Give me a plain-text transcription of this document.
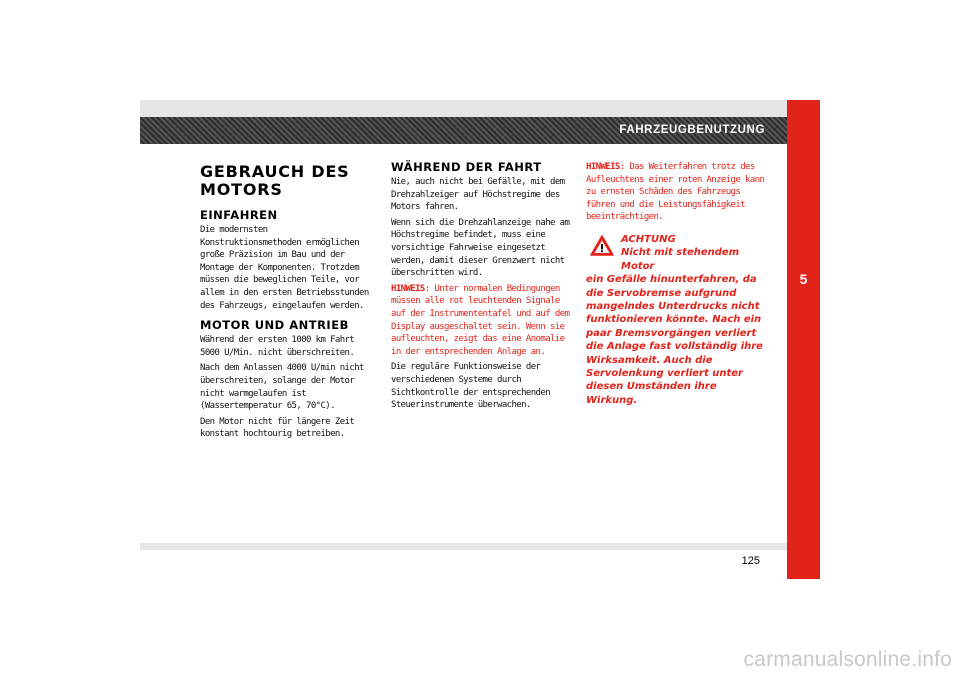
FAHRZEUGBENUTZUNG
5
GEBRAUCH DES
MOTORS
EINFAHREN

Die modernsten Konstruktionsmethoden ermöglichen große Präzision im Bau und der Montage der Komponenten. Trotzdem müssen die beweglichen Teile, vor allem in den ersten Betriebsstunden des Fahrzeugs, eingelaufen werden.

MOTOR UND ANTRIEB

Während der ersten 1000 km Fahrt 5000 U/Min. nicht überschreiten.

Nach dem Anlassen 4000 U/min nicht überschreiten, solange der Motor nicht warmgelaufen ist (Wassertemperatur 65, 70°C).

Den Motor nicht für längere Zeit konstant hochtourig betreiben.

WÄHREND DER FAHRT

Nie, auch nicht bei Gefälle, mit dem Drehzahlzeiger auf Höchstregime des Motors fahren.

Wenn sich die Drehzahlanzeige nahe am Höchstregime befindet, muss eine vorsichtige Fahrweise eingesetzt werden, damit dieser Grenzwert nicht überschritten wird.

HINWEIS: Unter normalen Bedingungen müssen alle rot leuchtenden Signale auf der Instrumententafel und auf dem Display ausgeschaltet sein. Wenn sie aufleuchten, zeigt das eine Anomalie in der entsprechenden Anlage an.

Die reguläre Funktionsweise der verschiedenen Systeme durch Sichtkontrolle der entsprechenden Steuerinstrumente überwachen.

HINWEIS: Das Weiterfahren trotz des Aufleuchtens einer roten Anzeige kann zu ernsten Schäden des Fahrzeugs führen und die Leistungsfähigkeit beeinträchtigen.

ACHTUNG
Nicht mit stehendem Motor
ein Gefälle hinunterfahren, da die Servobremse aufgrund mangelndes Unterdrucks nicht funktionieren könnte. Nach ein paar Bremsvorgängen verliert die Anlage fast vollständig ihre Wirksamkeit. Auch die Servolenkung verliert unter diesen Umständen ihre Wirkung.
125
carmanualsonline.info
